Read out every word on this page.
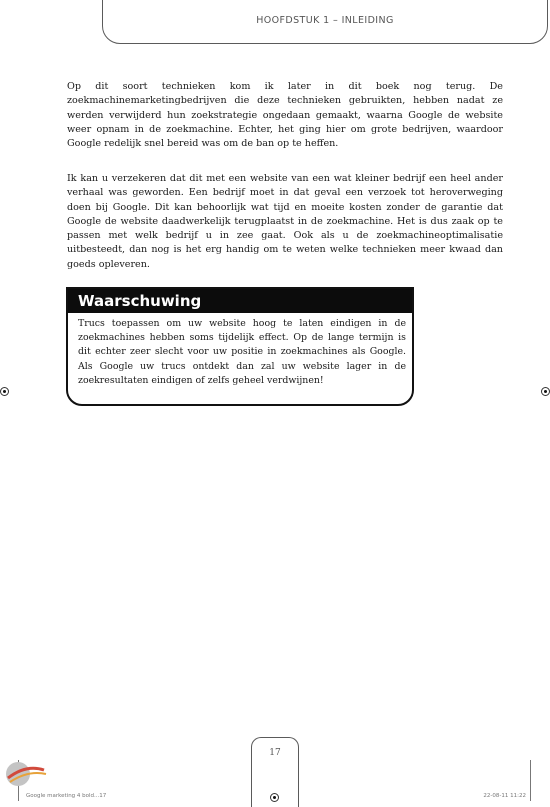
HOOFDSTUK 1 – INLEIDING

Op dit soort technieken kom ik later in dit boek nog terug. De zoekmachinemarketingbedrijven die deze technieken gebruikten, hebben nadat ze werden verwijderd hun zoekstrategie ongedaan gemaakt, waarna Google de website weer opnam in de zoekmachine. Echter, het ging hier om grote bedrijven, waardoor Google redelijk snel bereid was om de ban op te heffen.

Ik kan u verzekeren dat dit met een website van een wat kleiner bedrijf een heel ander verhaal was geworden. Een bedrijf moet in dat geval een verzoek tot heroverweging doen bij Google. Dit kan behoorlijk wat tijd en moeite kosten zonder de garantie dat Google de website daadwerkelijk terugplaatst in de zoekmachine. Het is dus zaak op te passen met welk bedrijf u in zee gaat. Ook als u de zoekmachineoptimalisatie uitbesteedt, dan nog is het erg handig om te weten welke technieken meer kwaad dan goeds opleveren.

Waarschuwing

Trucs toepassen om uw website hoog te laten eindigen in de zoekmachines hebben soms tijdelijk effect. Op de lange termijn is dit echter zeer slecht voor uw positie in zoekmachines als Google. Als Google uw trucs ontdekt dan zal uw website lager in de zoekresultaten eindigen of zelfs geheel verdwijnen!

17
Google marketing 4 bold...17	22-08-11 11:22
